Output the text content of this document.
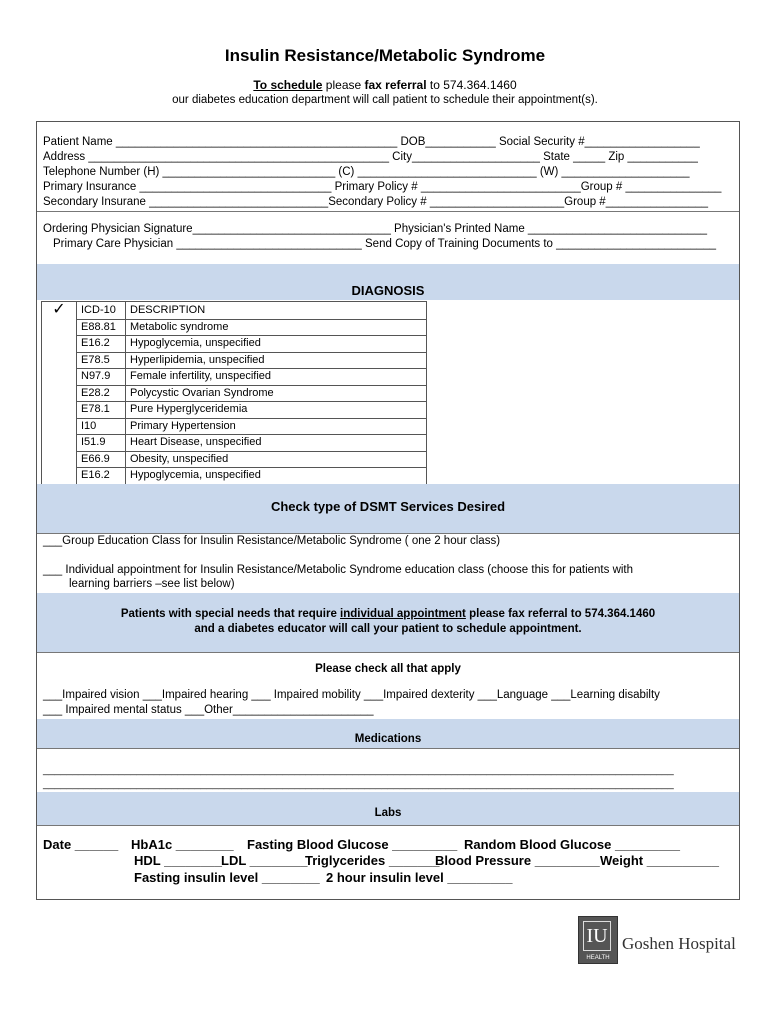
Insulin Resistance/Metabolic Syndrome
To schedule please fax referral to 574.364.1460
our diabetes education department will call patient to schedule their appointment(s).
Patient Name ____________________________________________ DOB___________ Social Security #__________________
Address _______________________________________________ City____________________ State _____ Zip ___________
Telephone Number (H) ___________________________ (C) ____________________________ (W) ____________________
Primary Insurance ______________________________ Primary Policy # _________________________Group # _______________
Secondary Insurane ____________________________Secondary Policy # _____________________Group #________________
Ordering Physician Signature_______________________________ Physician's Printed Name ____________________________
Primary Care Physician _____________________________ Send Copy of Training Documents to _________________________
DIAGNOSIS
✓	ICD-10	DESCRIPTION
	E88.81	Metabolic syndrome
	E16.2	Hypoglycemia, unspecified
	E78.5	Hyperlipidemia, unspecified
	N97.9	Female infertility, unspecified
	E28.2	Polycystic Ovarian Syndrome
	E78.1	Pure Hyperglyceridemia
	I10	Primary Hypertension
	I51.9	Heart Disease, unspecified
	E66.9	Obesity, unspecified
	E16.2	Hypoglycemia, unspecified
Check type of DSMT Services Desired
___Group Education Class for Insulin Resistance/Metabolic Syndrome ( one 2 hour class)
___ Individual appointment for Insulin Resistance/Metabolic Syndrome education class (choose this for patients with
learning barriers –see list below)
Patients with special needs that require individual appointment please fax referral to 574.364.1460
and a diabetes educator will call your patient to schedule appointment.
Please check all that apply
___Impaired vision ___Impaired hearing ___ Impaired mobility ___Impaired dexterity ___Language ___Learning disabilty
___ Impaired mental status ___Other______________________
Medications
____________________________________________________________________________________________________________
____________________________________________________________________________________________________________
Labs
Date ______ HbA1c ________ Fasting Blood Glucose _________ Random Blood Glucose _________
HDL ________ LDL ________
Triglycerides _______
Blood Pressure _________ Weight __________
Fasting insulin level ________ 2 hour insulin level _________
IU
HEALTH
Goshen Hospital
